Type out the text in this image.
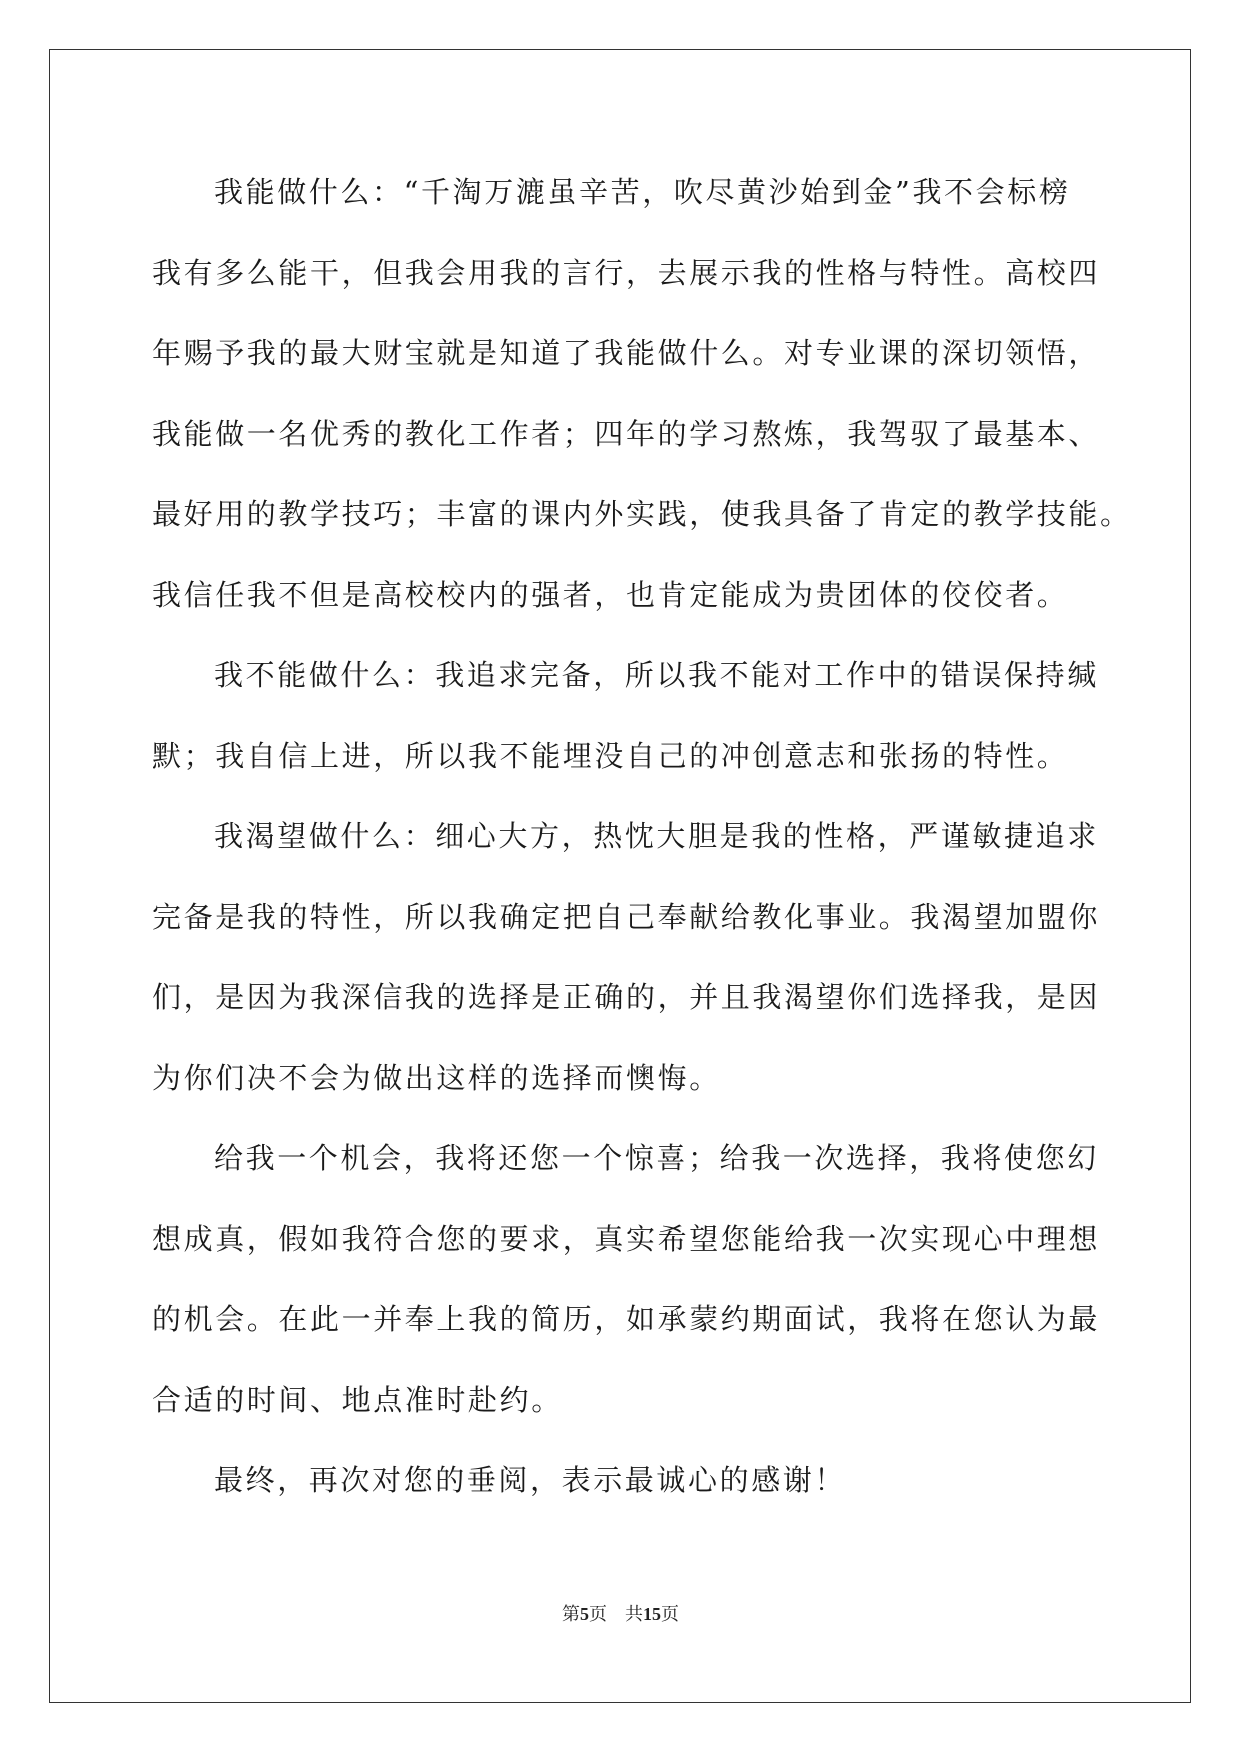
我能做什么：“千淘万漉虽辛苦，吹尽黄沙始到金”我不会标榜
我有多么能干，但我会用我的言行，去展示我的性格与特性。高校四
年赐予我的最大财宝就是知道了我能做什么。对专业课的深切领悟，
我能做一名优秀的教化工作者；四年的学习熬炼，我驾驭了最基本、
最好用的教学技巧；丰富的课内外实践，使我具备了肯定的教学技能。
我信任我不但是高校校内的强者，也肯定能成为贵团体的佼佼者。
我不能做什么：我追求完备，所以我不能对工作中的错误保持缄
默；我自信上进，所以我不能埋没自己的冲创意志和张扬的特性。
我渴望做什么：细心大方，热忱大胆是我的性格，严谨敏捷追求
完备是我的特性，所以我确定把自己奉献给教化事业。我渴望加盟你
们，是因为我深信我的选择是正确的，并且我渴望你们选择我，是因
为你们决不会为做出这样的选择而懊悔。
给我一个机会，我将还您一个惊喜；给我一次选择，我将使您幻
想成真，假如我符合您的要求，真实希望您能给我一次实现心中理想
的机会。在此一并奉上我的简历，如承蒙约期面试，我将在您认为最
合适的时间、地点准时赴约。
最终，再次对您的垂阅，表示最诚心的感谢！
第5页 共15页
